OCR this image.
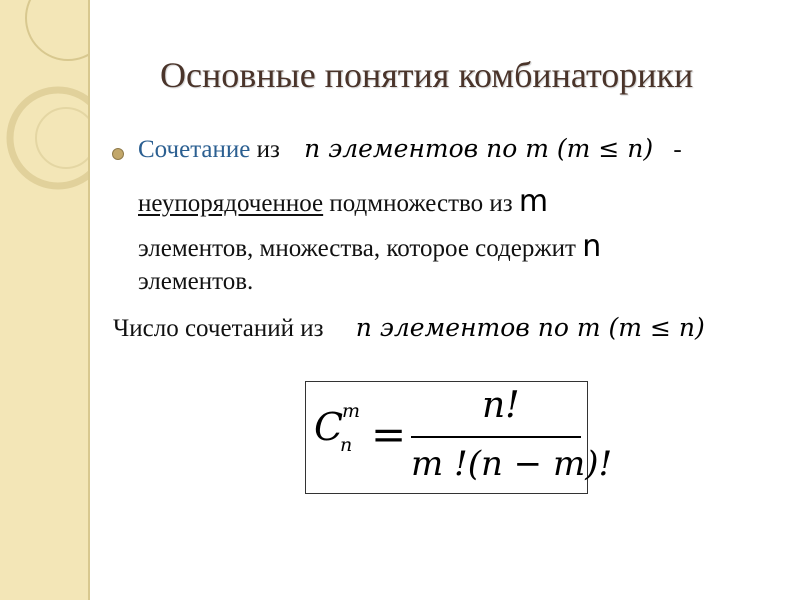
Основные понятия комбинаторики
Сочетание из n элементов по m (m ≤ n) -
неупорядоченное подмножество из m
элементов, множества, которое содержит n
элементов.
Число сочетаний из n элементов по m (m ≤ n)
C
m
n =
n!
m !(n − m)!
